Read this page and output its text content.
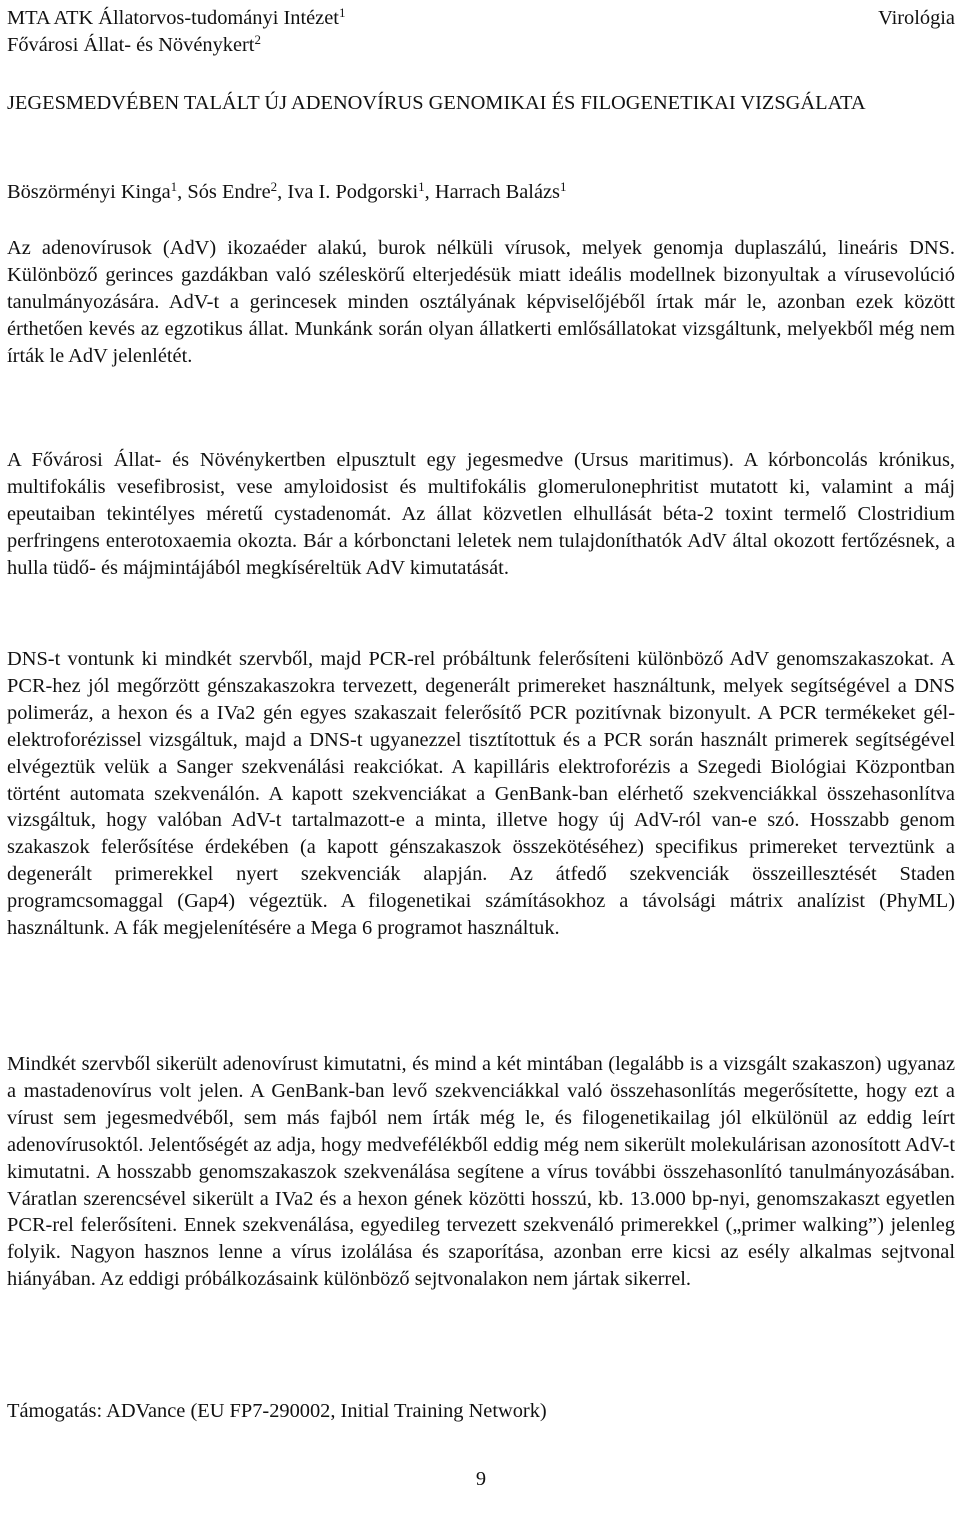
MTA ATK Állatorvos-tudományi Intézet$^1$
Fővárosi Állat- és Növénykert$^2$
Virológia
JEGESMEDVÉBEN TALÁLT ÚJ ADENOVÍRUS GENOMIKAI ÉS FILOGENETIKAI VIZSGÁLATA
Böszörményi Kinga$^1$, Sós Endre$^2$, Iva I. Podgorski$^1$, Harrach Balázs$^1$

Az adenovírusok (AdV) ikozaéder alakú, burok nélküli vírusok, melyek genomja duplaszálú, lineáris DNS. Különböző gerinces gazdákban való széleskörű elterjedésük miatt ideális modellnek bizonyultak a vírusevolúció tanulmányozására. AdV-t a gerincesek minden osztályának képviselőjéből írtak már le, azonban ezek között érthetően kevés az egzotikus állat. Munkánk során olyan állatkerti emlősállatokat vizsgáltunk, melyekből még nem írták le AdV jelenlétét.

A Fővárosi Állat- és Növénykertben elpusztult egy jegesmedve (Ursus maritimus). A kórboncolás krónikus, multifokális vesefibrosist, vese amyloidosist és multifokális glomerulonephritist mutatott ki, valamint a máj epeutaiban tekintélyes méretű cystadenomát. Az állat közvetlen elhullását béta-2 toxint termelő Clostridium perfringens enterotoxaemia okozta. Bár a kórbonctani leletek nem tulajdoníthatók AdV által okozott fertőzésnek, a hulla tüdő- és májmintájából megkíséreltük AdV kimutatását.

DNS-t vontunk ki mindkét szervből, majd PCR-rel próbáltunk felerősíteni különböző AdV genomszakaszokat. A PCR-hez jól megőrzött génszakaszokra tervezett, degenerált primereket használtunk, melyek segítségével a DNS polimeráz, a hexon és a IVa2 gén egyes szakaszait felerősítő PCR pozitívnak bizonyult. A PCR termékeket gél-elektroforézissel vizsgáltuk, majd a DNS-t ugyanezzel tisztítottuk és a PCR során használt primerek segítségével elvégeztük velük a Sanger szekvenálási reakciókat. A kapilláris elektroforézis a Szegedi Biológiai Központban történt automata szekvenálón. A kapott szekvenciákat a GenBank-ban elérhető szekvenciákkal összehasonlítva vizsgáltuk, hogy valóban AdV-t tartalmazott-e a minta, illetve hogy új AdV-ról van-e szó. Hosszabb genom szakaszok felerősítése érdekében (a kapott génszakaszok összekötéséhez) specifikus primereket terveztünk a degenerált primerekkel nyert szekvenciák alapján. Az átfedő szekvenciák összeillesztését Staden programcsomaggal (Gap4) végeztük. A filogenetikai számításokhoz a távolsági mátrix analízist (PhyML) használtunk. A fák megjelenítésére a Mega 6 programot használtuk.

Mindkét szervből sikerült adenovírust kimutatni, és mind a két mintában (legalább is a vizsgált szakaszon) ugyanaz a mastadenovírus volt jelen. A GenBank-ban levő szekvenciákkal való összehasonlítás megerősítette, hogy ezt a vírust sem jegesmedvéből, sem más fajból nem írták még le, és filogenetikailag jól elkülönül az eddig leírt adenovírusoktól. Jelentőségét az adja, hogy medvefélékből eddig még nem sikerült molekulárisan azonosított AdV-t kimutatni. A hosszabb genomszakaszok szekvenálása segítene a vírus további összehasonlító tanulmányozásában. Váratlan szerencsével sikerült a IVa2 és a hexon gének közötti hosszú, kb. 13.000 bp-nyi, genomszakaszt egyetlen PCR-rel felerősíteni. Ennek szekvenálása, egyedileg tervezett szekvenáló primerekkel („primer walking”) jelenleg folyik. Nagyon hasznos lenne a vírus izolálása és szaporítása, azonban erre kicsi az esély alkalmas sejtvonal hiányában. Az eddigi próbálkozásaink különböző sejtvonalakon nem jártak sikerrel.

Támogatás: ADVance (EU FP7-290002, Initial Training Network)
9
